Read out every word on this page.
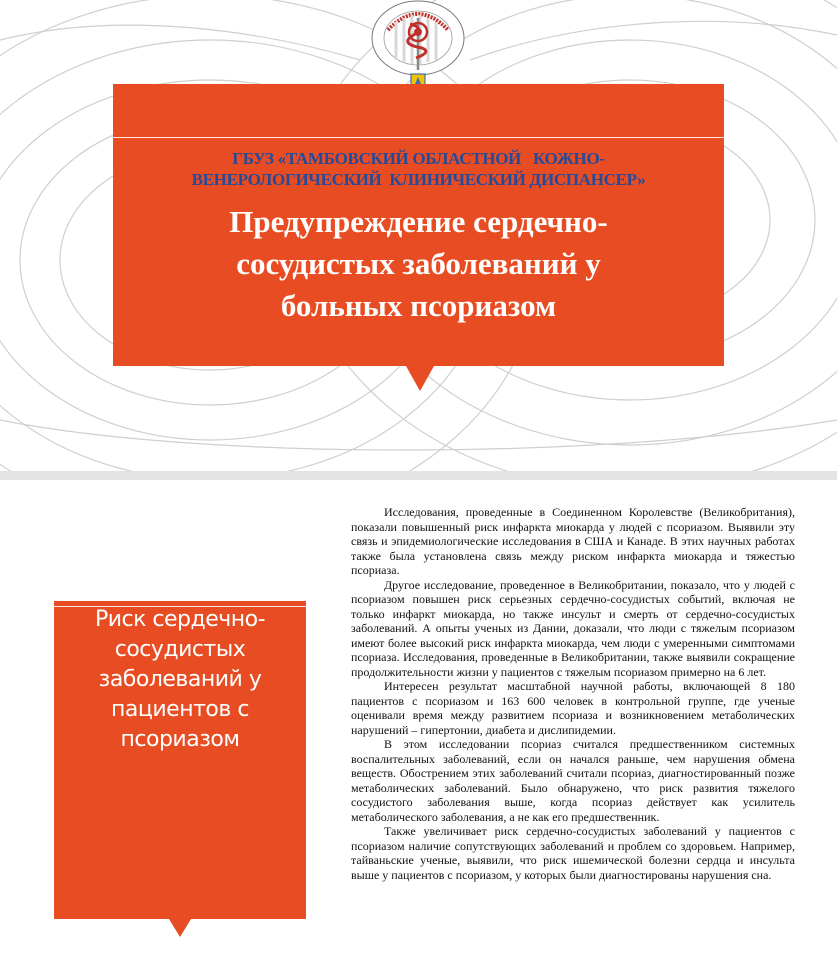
ГБУЗ «ТАМБОВСКИЙ ОБЛАСТНОЙ   КОЖНО-
ВЕНЕРОЛОГИЧЕСКИЙ  КЛИНИЧЕСКИЙ ДИСПАНСЕР»
Предупреждение сердечно-
сосудистых заболеваний у
больных псориазом
Риск сердечно-
сосудистых
заболеваний у
пациентов с
псориазом

Исследования, проведенные в Соединенном Королевстве (Великобритания), показали повышенный риск инфаркта миокарда у людей с псориазом. Выявили эту связь и эпидемиологические исследования в США и Канаде. В этих научных работах также была установлена связь между риском инфаркта миокарда и тяжестью псориаза.

Другое исследование, проведенное в Великобритании, показало, что у людей с псориазом повышен риск серьезных сердечно-сосудистых событий, включая не только инфаркт миокарда, но также инсульт и смерть от сердечно-сосудистых заболеваний. А опыты ученых из Дании, доказали, что люди с тяжелым псориазом имеют более высокий риск инфаркта миокарда, чем люди с умеренными симптомами псориаза. Исследования, проведенные в Великобритании, также выявили сокращение продолжительности жизни у пациентов с тяжелым псориазом примерно на 6 лет.

Интересен результат масштабной научной работы, включающей 8 180 пациентов с псориазом и 163 600 человек в контрольной группе, где ученые оценивали время между развитием псориаза и возникновением метаболических нарушений – гипертонии, диабета и дислипидемии.

В этом исследовании псориаз считался предшественником системных воспалительных заболеваний, если он начался раньше, чем нарушения обмена веществ. Обострением этих заболеваний считали псориаз, диагностированный позже метаболических заболеваний. Было обнаружено, что риск развития тяжелого сосудистого заболевания выше, когда псориаз действует как усилитель метаболического заболевания, а не как его предшественник.

Также увеличивает риск сердечно-сосудистых заболеваний у пациентов с псориазом наличие сопутствующих заболеваний и проблем со здоровьем. Например, тайваньские ученые, выявили, что риск ишемической болезни сердца и инсульта выше у пациентов с псориазом, у которых были диагностированы нарушения сна.
